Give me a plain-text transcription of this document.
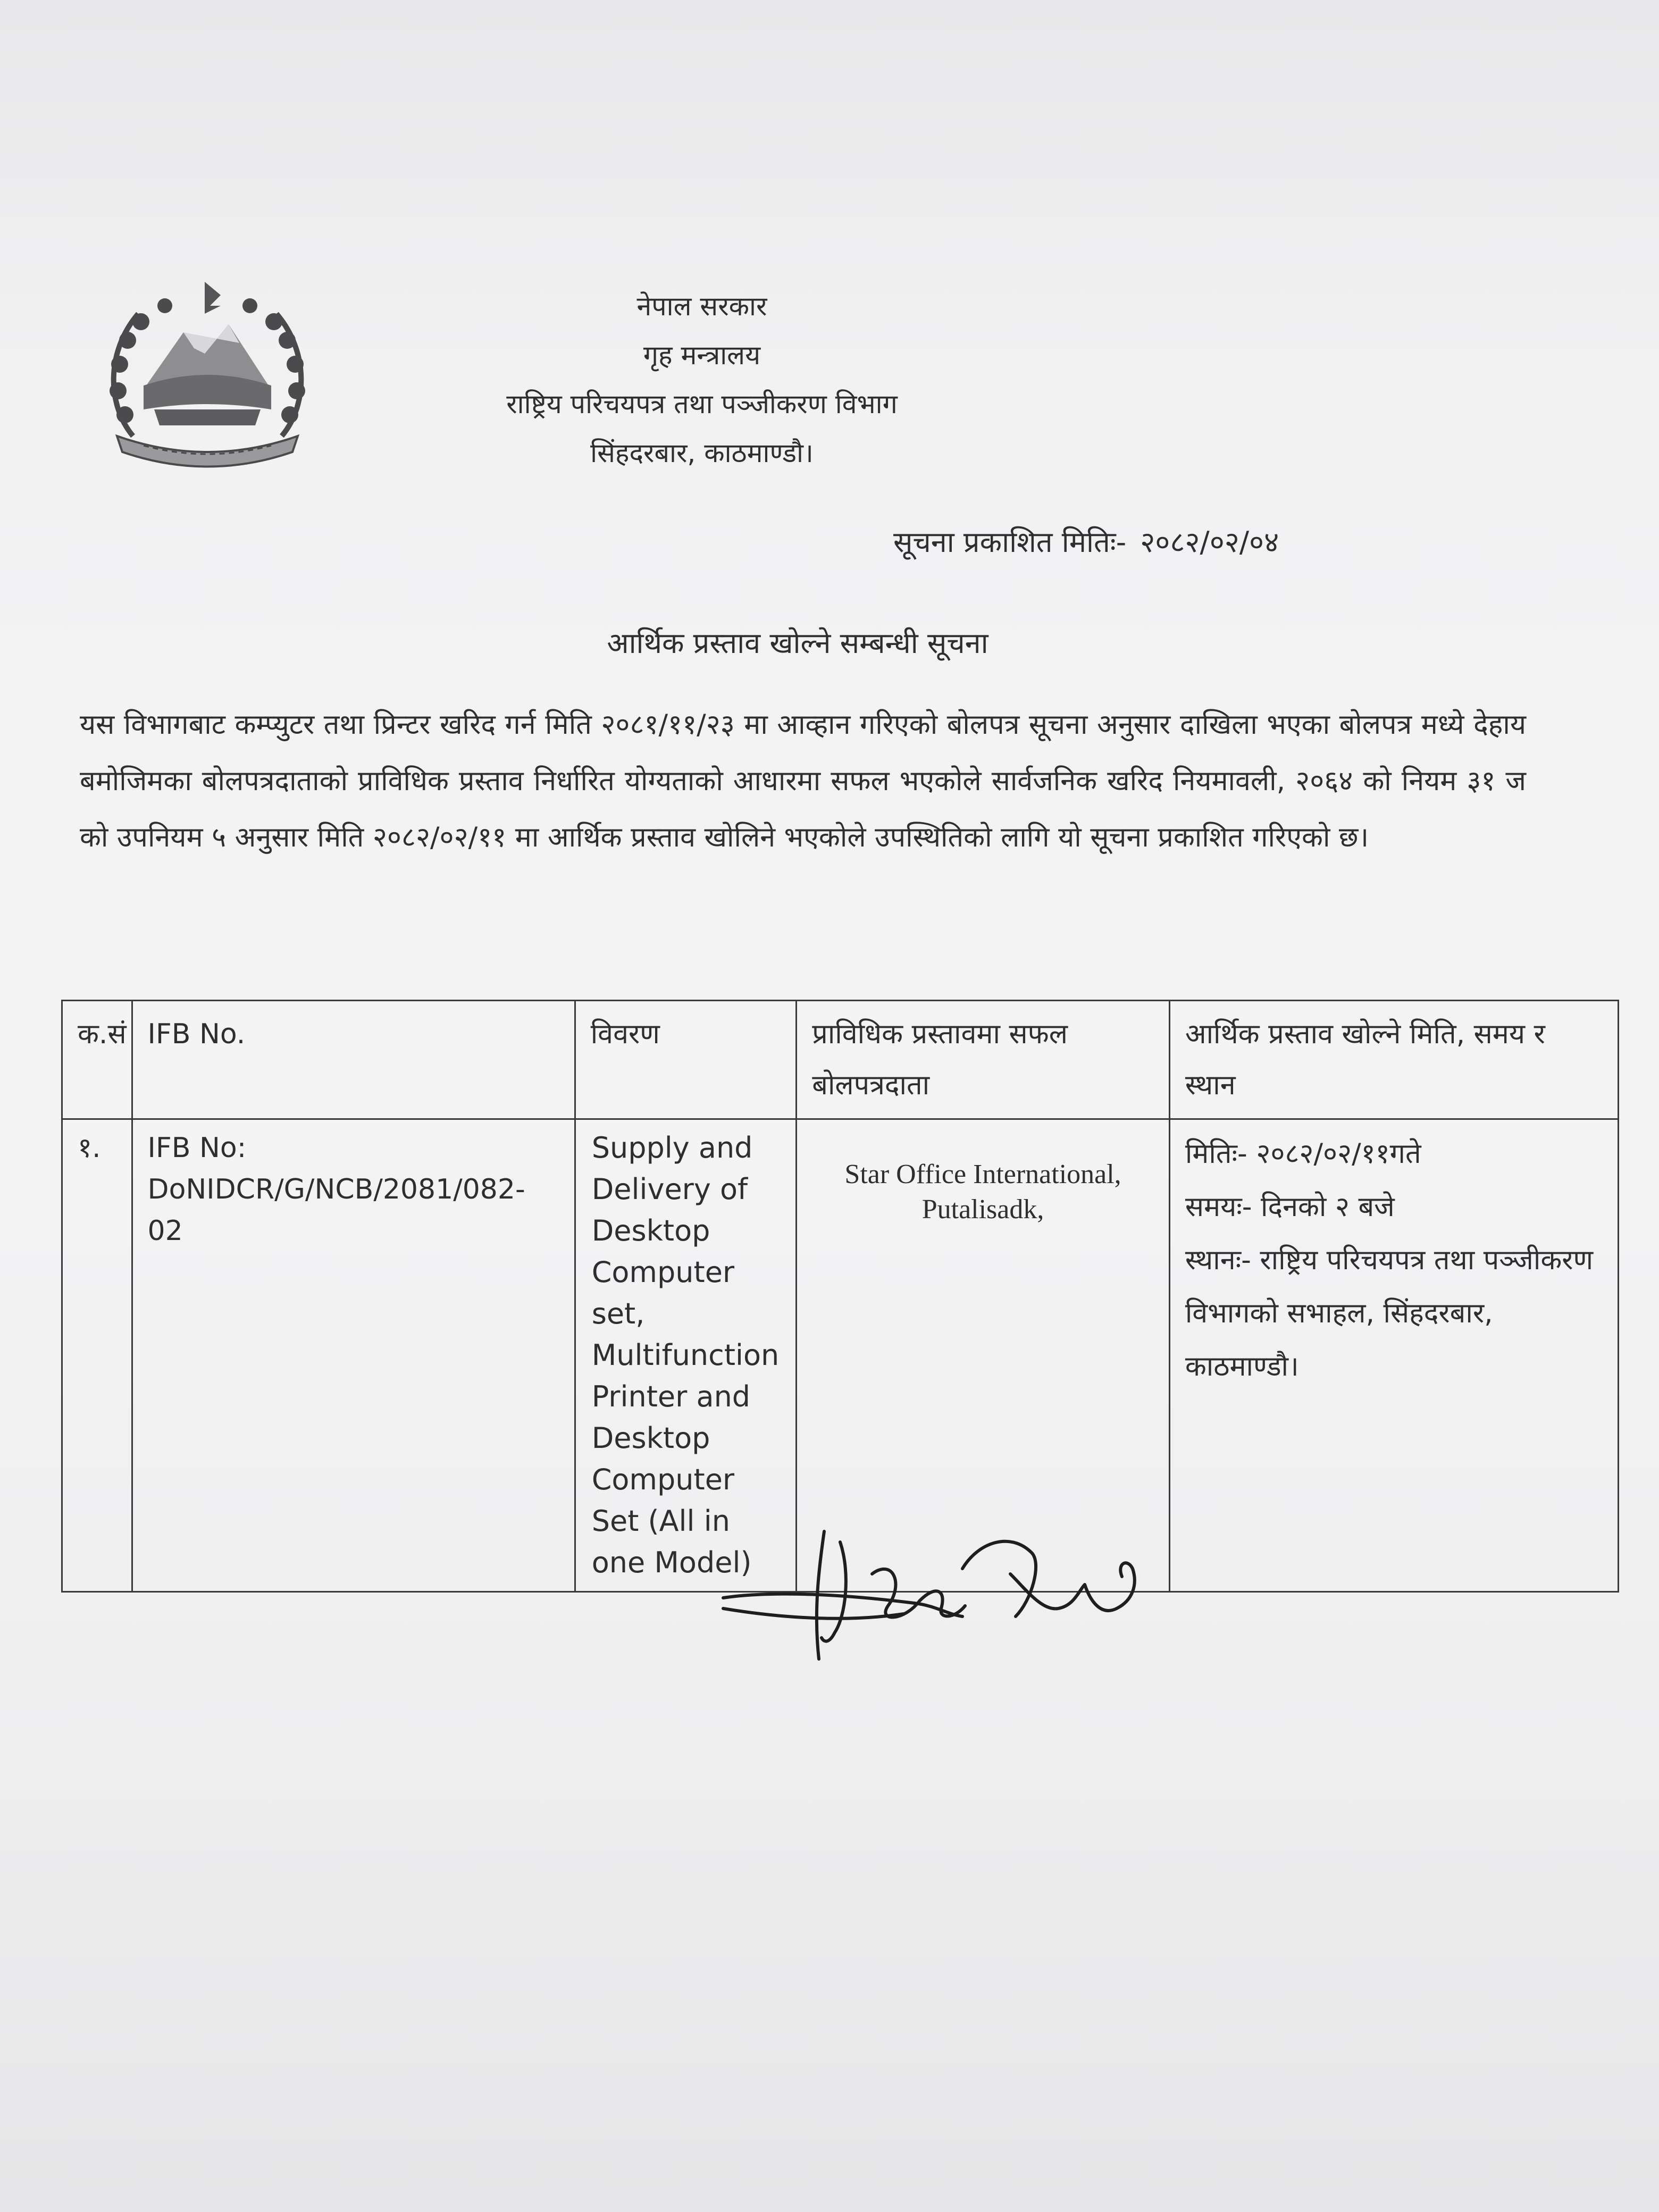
नेपाल सरकार
गृह मन्त्रालय
राष्ट्रिय परिचयपत्र तथा पञ्जीकरण विभाग
सिंहदरबार, काठमाण्डौ।
सूचना प्रकाशित मितिः- २०८२/०२/०४
आर्थिक प्रस्ताव खोल्ने सम्बन्धी सूचना
यस विभागबाट कम्प्युटर तथा प्रिन्टर खरिद गर्न मिति २०८१/११/२३ मा आव्हान गरिएको बोलपत्र सूचना अनुसार दाखिला भएका बोलपत्र मध्ये देहाय बमोजिमका बोलपत्रदाताको प्राविधिक प्रस्ताव निर्धारित योग्यताको आधारमा सफल भएकोले सार्वजनिक खरिद नियमावली, २०६४ को नियम ३१ ज को उपनियम ५ अनुसार मिति २०८२/०२/११ मा आर्थिक प्रस्ताव खोलिने भएकोले उपस्थितिको लागि यो सूचना प्रकाशित गरिएको छ।
क.सं	IFB No.	विवरण	प्राविधिक प्रस्तावमा सफल बोलपत्रदाता	आर्थिक प्रस्ताव खोल्ने मिति, समय र स्थान
१.	IFB No: DoNIDCR/G/NCB/2081/082-02	Supply and Delivery of Desktop Computer set, Multifunction Printer and Desktop Computer Set (All in one Model)	Star Office International, Putalisadk,	मितिः- २०८२/०२/११गते
समयः- दिनको २ बजे
स्थानः- राष्ट्रिय परिचयपत्र तथा पञ्जीकरण विभागको सभाहल, सिंहदरबार, काठमाण्डौ।
